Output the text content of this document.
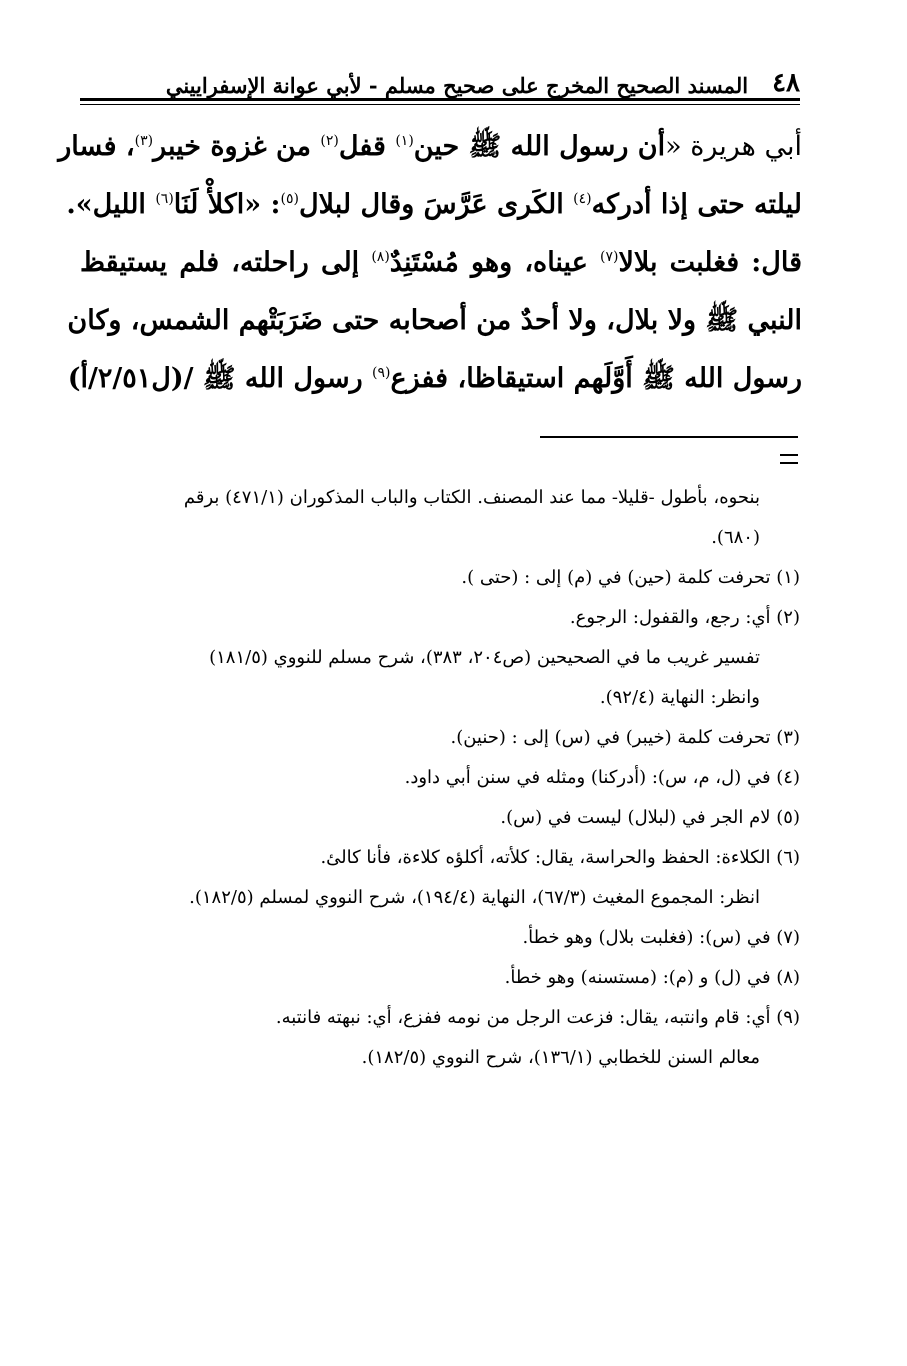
٤٨
المسند الصحيح المخرج على صحيح مسلم - لأبي عوانة الإسفراييني
أبي هريرة «أن رسول الله ﷺ حين$^{(١)}$ قفل$^{(٢)}$ من غزوة خيبر$^{(٣)}$، فسار
ليلته حتى إذا أدركه$^{(٤)}$ الكَرى عَرَّسَ وقال لبلال$^{(٥)}$: «اكلأْ لَنَا$^{(٦)}$ الليل».
قال: فغلبت بلالا$^{(٧)}$ عيناه، وهو مُسْتَنِدٌ$^{(٨)}$ إلى راحلته، فلم يستيقظ
النبي ﷺ ولا بلال، ولا أحدٌ من أصحابه حتى ضَرَبَتْهم الشمس، وكان
رسول الله ﷺ أَوَّلَهم استيقاظا، ففزع$^{(٩)}$ رسول الله ﷺ /(ل٢/٥١/أ)
بنحوه، بأطول -قليلا- مما عند المصنف. الكتاب والباب المذكوران (٤٧١/١) برقم
(٦٨٠).
(١) تحرفت كلمة (حين) في (م) إلى : (حتى ).
(٢) أي: رجع، والقفول: الرجوع.
تفسير غريب ما في الصحيحين (ص٢٠٤، ٣٨٣)، شرح مسلم للنووي (١٨١/٥)
وانظر: النهاية (٩٢/٤).
(٣) تحرفت كلمة (خيبر) في (س) إلى : (حنين).
(٤) في (ل، م، س): (أدركنا) ومثله في سنن أبي داود.
(٥) لام الجر في (لبلال) ليست في (س).
(٦) الكلاءة: الحفظ والحراسة، يقال: كلأته، أكلؤه كلاءة، فأنا كالئ.
انظر: المجموع المغيث (٦٧/٣)، النهاية (١٩٤/٤)، شرح النووي لمسلم (١٨٢/٥).
(٧) في (س): (فغلبت بلال) وهو خطأ.
(٨) في (ل) و (م): (مستسنه) وهو خطأ.
(٩) أي: قام وانتبه، يقال: فزعت الرجل من نومه ففزع، أي: نبهته فانتبه.
معالم السنن للخطابي (١٣٦/١)، شرح النووي (١٨٢/٥).
